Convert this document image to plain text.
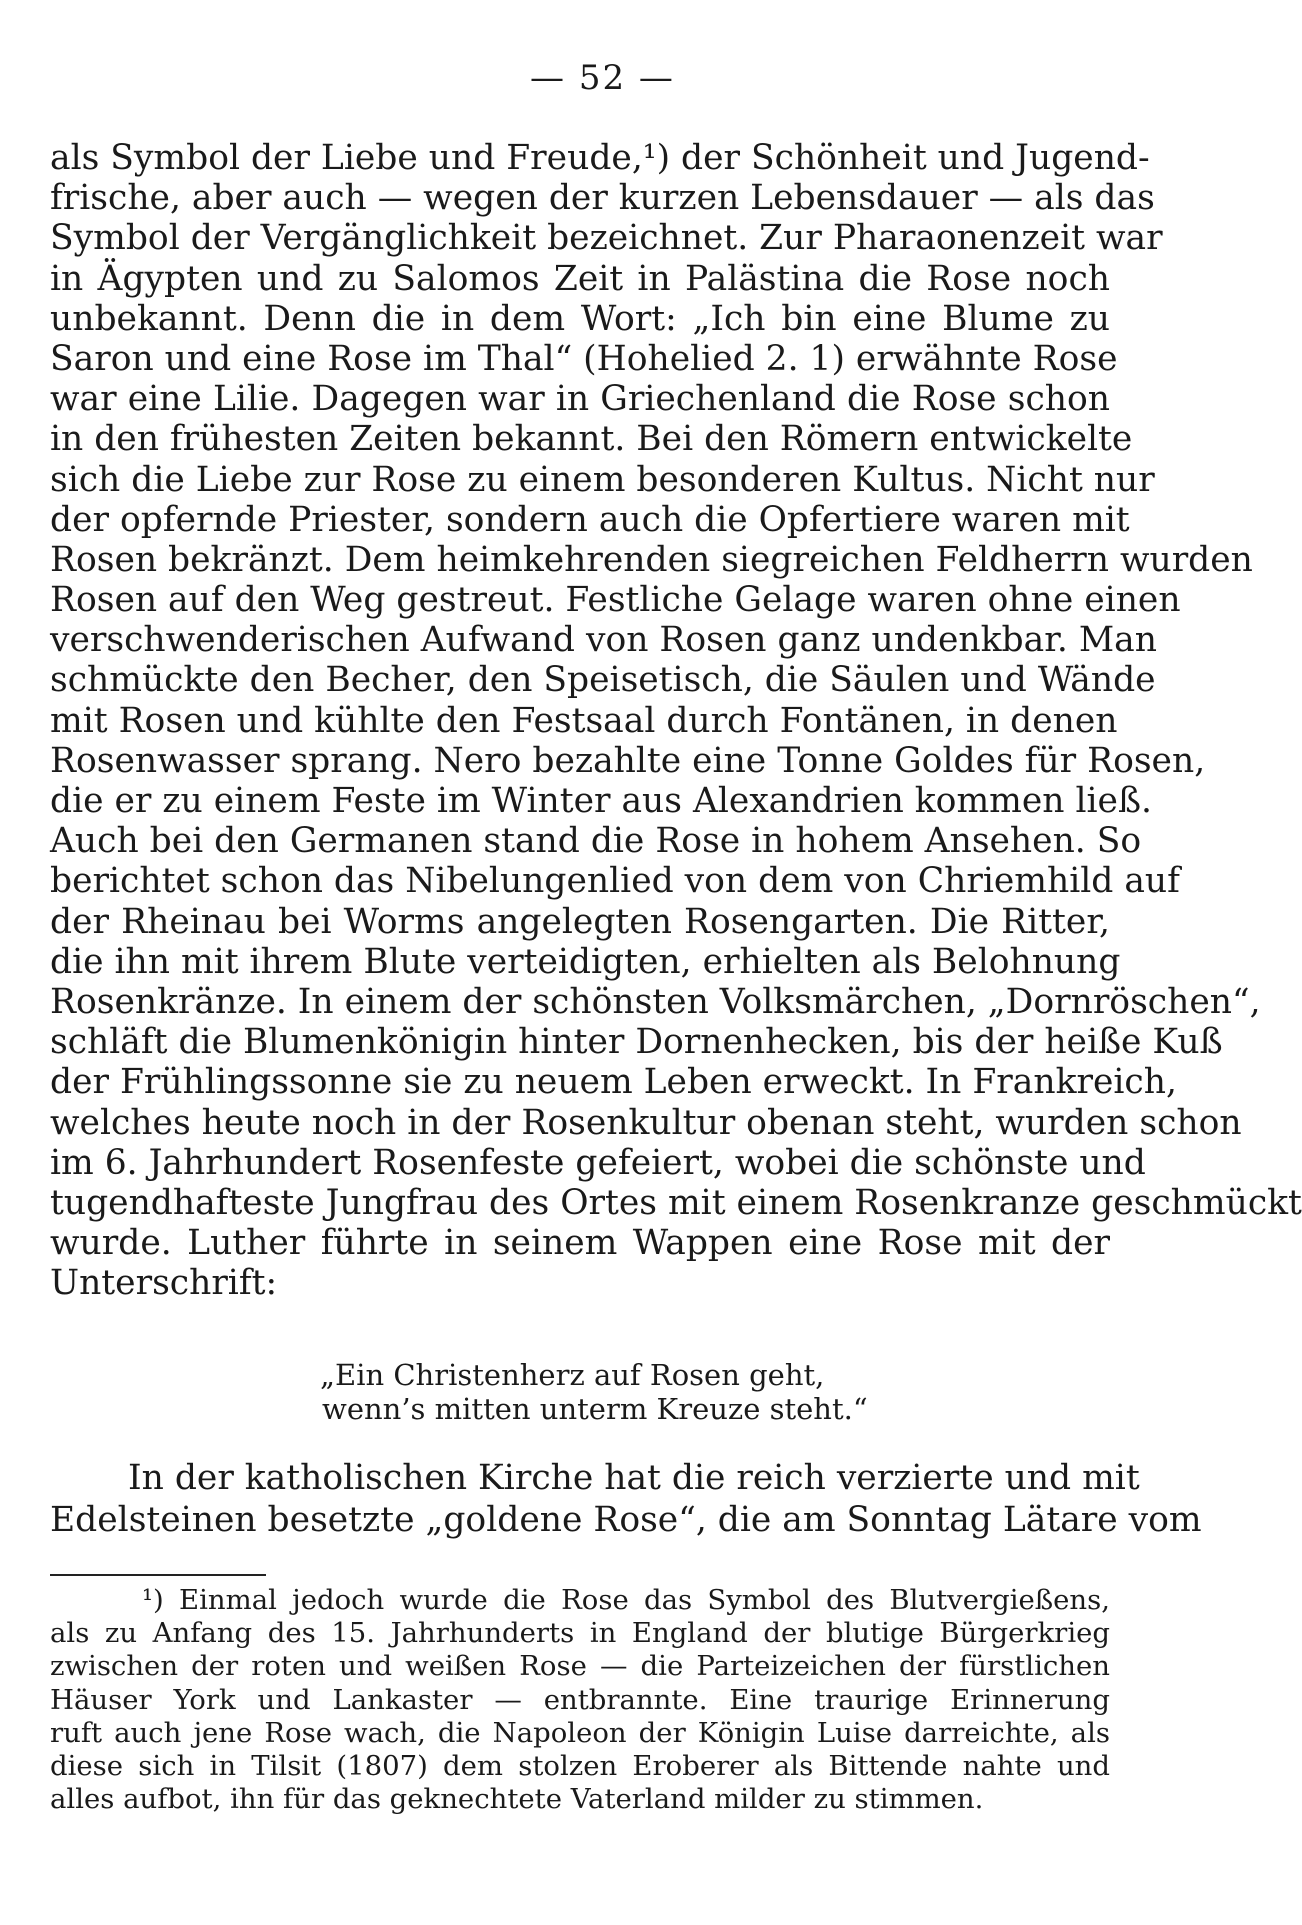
— 52 —
als Symbol der Liebe und Freude,¹) der Schönheit und Jugend-
frische, aber auch — wegen der kurzen Lebensdauer — als das
Symbol der Vergänglichkeit bezeichnet. Zur Pharaonenzeit war
in Ägypten und zu Salomos Zeit in Palästina die Rose noch
unbekannt. Denn die in dem Wort: „Ich bin eine Blume zu
Saron und eine Rose im Thal“ (Hohelied 2. 1) erwähnte Rose
war eine Lilie. Dagegen war in Griechenland die Rose schon
in den frühesten Zeiten bekannt. Bei den Römern entwickelte
sich die Liebe zur Rose zu einem besonderen Kultus. Nicht nur
der opfernde Priester, sondern auch die Opfertiere waren mit
Rosen bekränzt. Dem heimkehrenden siegreichen Feldherrn wurden
Rosen auf den Weg gestreut. Festliche Gelage waren ohne einen
verschwenderischen Aufwand von Rosen ganz undenkbar. Man
schmückte den Becher, den Speisetisch, die Säulen und Wände
mit Rosen und kühlte den Festsaal durch Fontänen, in denen
Rosenwasser sprang. Nero bezahlte eine Tonne Goldes für Rosen,
die er zu einem Feste im Winter aus Alexandrien kommen ließ.
Auch bei den Germanen stand die Rose in hohem Ansehen. So
berichtet schon das Nibelungenlied von dem von Chriemhild auf
der Rheinau bei Worms angelegten Rosengarten. Die Ritter,
die ihn mit ihrem Blute verteidigten, erhielten als Belohnung
Rosenkränze. In einem der schönsten Volksmärchen, „Dornröschen“,
schläft die Blumenkönigin hinter Dornenhecken, bis der heiße Kuß
der Frühlingssonne sie zu neuem Leben erweckt. In Frankreich,
welches heute noch in der Rosenkultur obenan steht, wurden schon
im 6. Jahrhundert Rosenfeste gefeiert, wobei die schönste und
tugendhafteste Jungfrau des Ortes mit einem Rosenkranze geschmückt
wurde. Luther führte in seinem Wappen eine Rose mit der
Unterschrift:
„Ein Christenherz auf Rosen geht,
wenn’s mitten unterm Kreuze steht.“
In der katholischen Kirche hat die reich verzierte und mit
Edelsteinen besetzte „goldene Rose“, die am Sonntag Lätare vom
¹) Einmal jedoch wurde die Rose das Symbol des Blutvergießens,
als zu Anfang des 15. Jahrhunderts in England der blutige Bürgerkrieg
zwischen der roten und weißen Rose — die Parteizeichen der fürstlichen
Häuser York und Lankaster — entbrannte. Eine traurige Erinnerung
ruft auch jene Rose wach, die Napoleon der Königin Luise darreichte, als
diese sich in Tilsit (1807) dem stolzen Eroberer als Bittende nahte und
alles aufbot, ihn für das geknechtete Vaterland milder zu stimmen.
